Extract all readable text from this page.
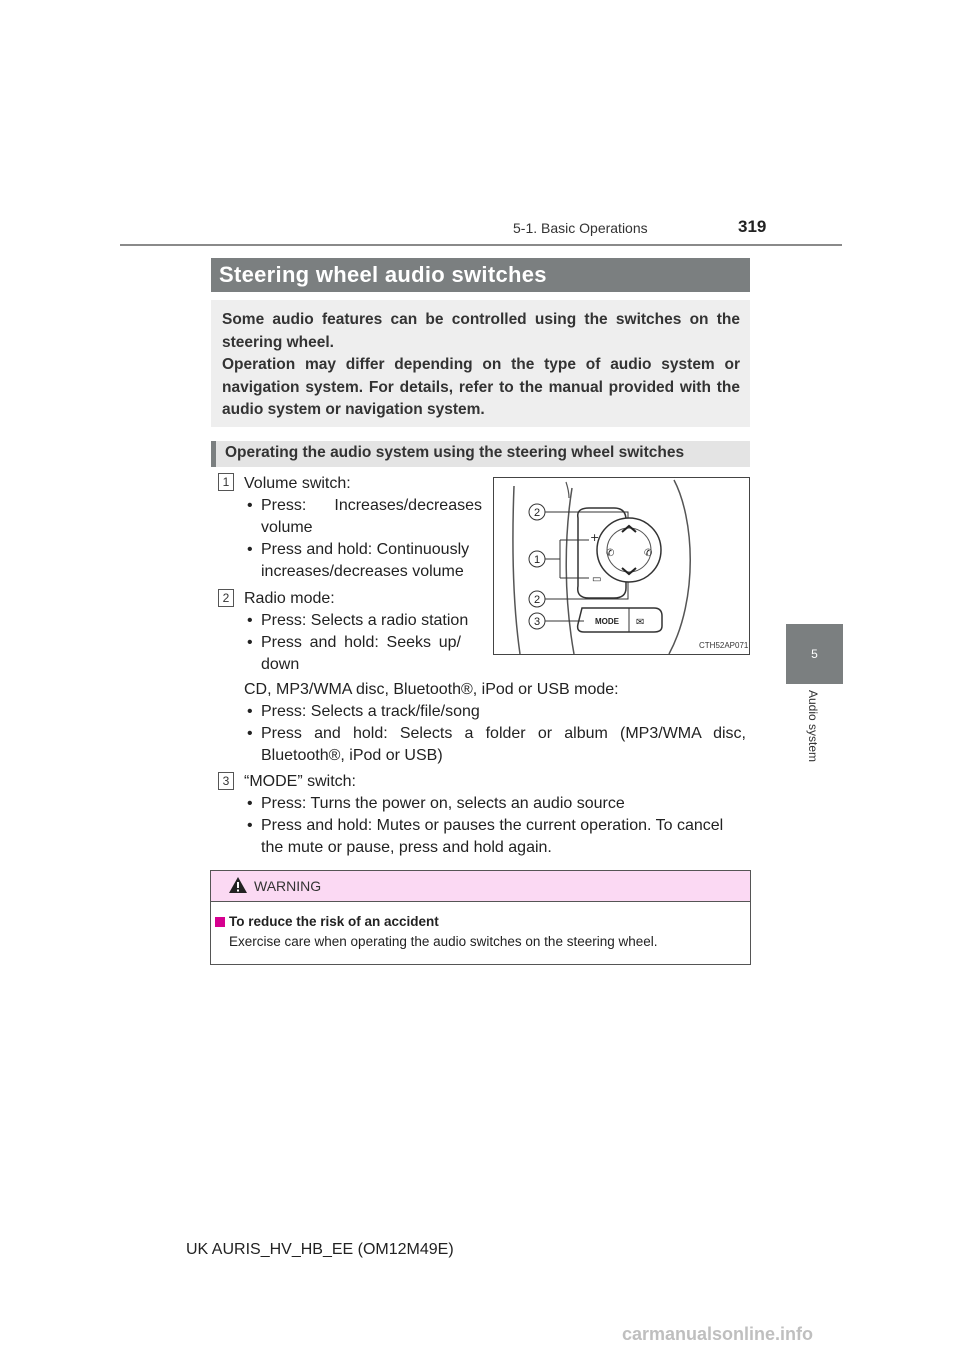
5-1. Basic Operations	319
5
Audio system
Steering wheel audio switches

Some audio features can be controlled using the switches on the steering wheel.

Operation may differ depending on the type of audio system or navigation system. For details, refer to the manual provided with the audio system or navigation system.

Operating the audio system using the steering wheel switches
1 Volume switch:
• Press: Increases/decreases volume
• Press and hold: Continuously increases/decreases volume
2 Radio mode:
• Press: Selects a radio station
• Press and hold: Seeks up/ down
CD, MP3/WMA disc, Bluetooth®, iPod or USB mode:
• Press: Selects a track/file/song
• Press and hold: Selects a folder or album (MP3/WMA disc, Bluetooth®, iPod or USB)
3 “MODE” switch:
• Press: Turns the power on, selects an audio source
• Press and hold: Mutes or pauses the current operation. To cancel the mute or pause, press and hold again.
+
▭
✆	✆
MODE ✉
2
1
2
3
CTH52AP071
WARNING
To reduce the risk of an accident
Exercise care when operating the audio switches on the steering wheel.
UK AURIS_HV_HB_EE (OM12M49E)
carmanualsonline.info
